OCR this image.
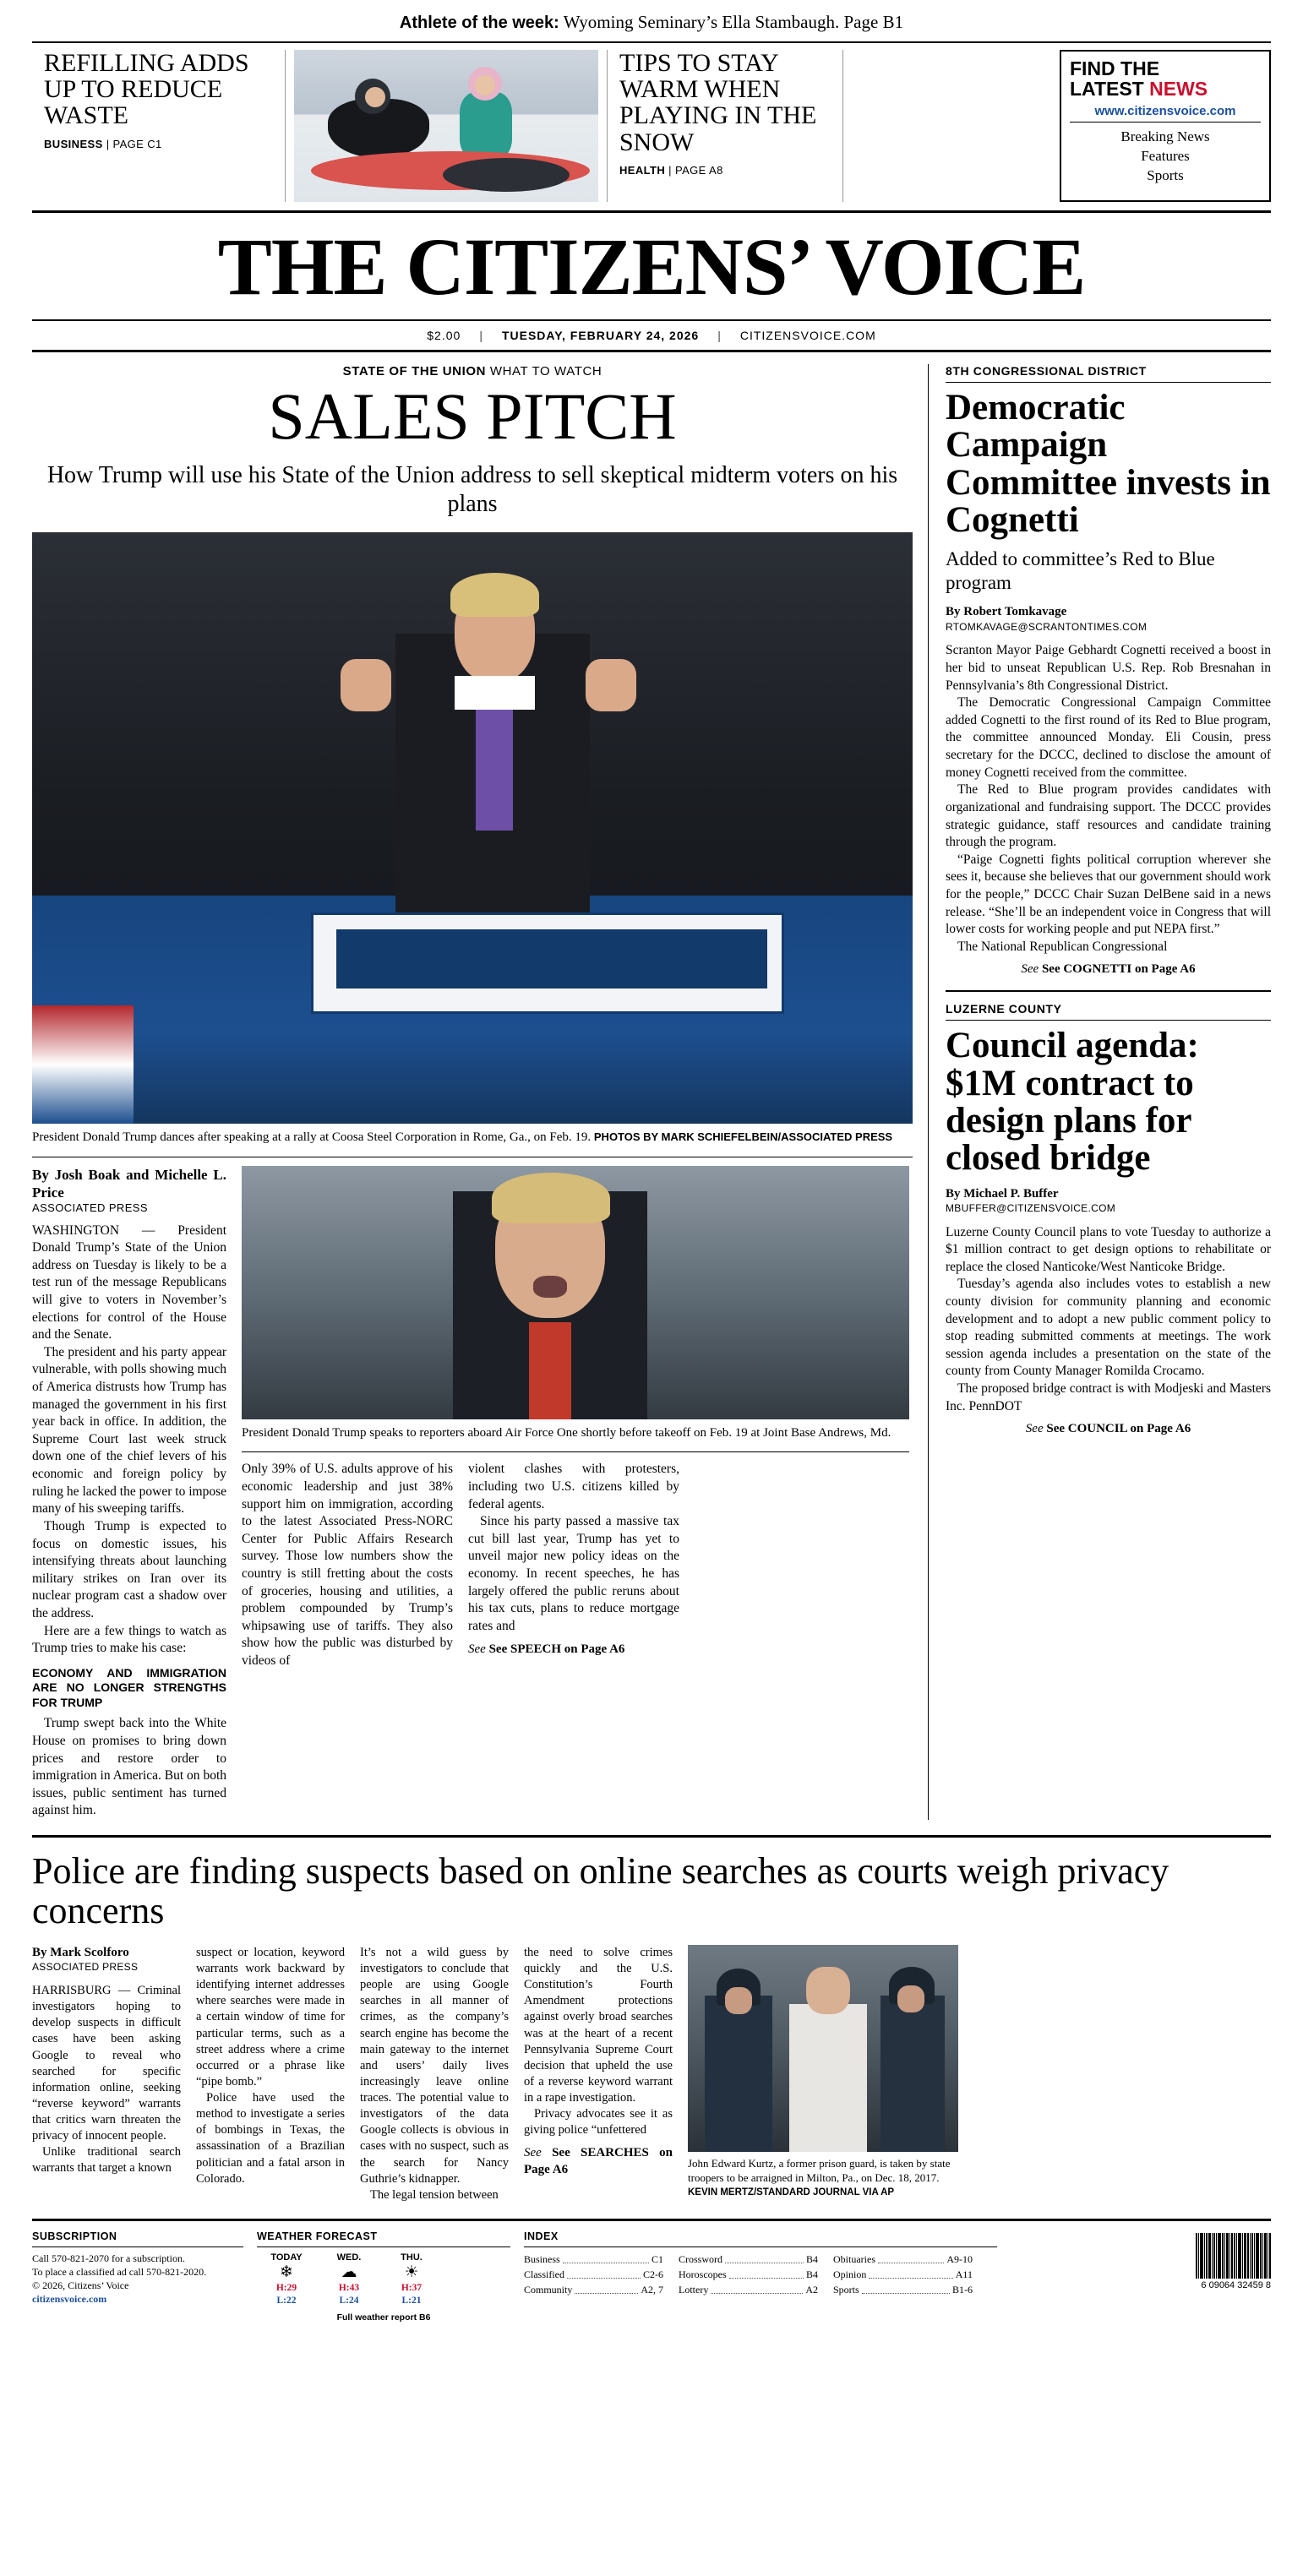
Athlete of the week: Wyoming Seminary’s Ella Stambaugh. Page B1
REFILLING ADDS UP TO REDUCE WASTE
BUSINESS | PAGE C1
TIPS TO STAY WARM WHEN PLAYING IN THE SNOW
HEALTH | PAGE A8
FIND THE
LATEST NEWS
www.citizensvoice.com
Breaking News
Features
Sports
THE CITIZENS’ VOICE
$2.00 | TUESDAY, FEBRUARY 24, 2026 | CITIZENSVOICE.COM
STATE OF THE UNION WHAT TO WATCH
SALES PITCH
How Trump will use his State of the Union address to sell skeptical midterm voters on his plans
President Donald Trump dances after speaking at a rally at Coosa Steel Corporation in Rome, Ga., on Feb. 19. PHOTOS BY MARK SCHIEFELBEIN/ASSOCIATED PRESS
By Josh Boak and Michelle L. Price
ASSOCIATED PRESS

WASHINGTON — President Donald Trump’s State of the Union address on Tuesday is likely to be a test run of the message Republicans will give to voters in November’s elections for control of the House and the Senate.

The president and his party appear vulnerable, with polls showing much of America distrusts how Trump has managed the government in his first year back in office. In addition, the Supreme Court last week struck down one of the chief levers of his economic and foreign policy by ruling he lacked the power to impose many of his sweeping tariffs.

Though Trump is expected to focus on domestic issues, his intensifying threats about launching military strikes on Iran over its nuclear program cast a shadow over the address.

Here are a few things to watch as Trump tries to make his case:

ECONOMY AND IMMIGRATION ARE NO LONGER STRENGTHS FOR TRUMP

Trump swept back into the White House on promises to bring down prices and restore order to immigration in America. But on both issues, public sentiment has turned against him.

President Donald Trump speaks to reporters aboard Air Force One shortly before takeoff on Feb. 19 at Joint Base Andrews, Md.

Only 39% of U.S. adults approve of his economic leadership and just 38% support him on immigration, according to the latest Associated Press-NORC Center for Public Affairs Research survey. Those low numbers show the country is still fretting about the costs of groceries, housing and utilities, a problem compounded by Trump’s whipsawing use of tariffs. They also show how the public was disturbed by videos of

violent clashes with protesters, including two U.S. citizens killed by federal agents.

Since his party passed a massive tax cut bill last year, Trump has yet to unveil major new policy ideas on the economy. In recent speeches, he has largely offered the public reruns about his tax cuts, plans to reduce mortgage rates and

See See SPEECH on Page A6
8TH CONGRESSIONAL DISTRICT
Democratic Campaign Committee invests in Cognetti
Added to committee’s Red to Blue program
By Robert Tomkavage
RTOMKAVAGE@SCRANTONTIMES.COM

Scranton Mayor Paige Gebhardt Cognetti received a boost in her bid to unseat Republican U.S. Rep. Rob Bresnahan in Pennsylvania’s 8th Congressional District.

The Democratic Congressional Campaign Committee added Cognetti to the first round of its Red to Blue program, the committee announced Monday. Eli Cousin, press secretary for the DCCC, declined to disclose the amount of money Cognetti received from the committee.

The Red to Blue program provides candidates with organizational and fundraising support. The DCCC provides strategic guidance, staff resources and candidate training through the program.

“Paige Cognetti fights political corruption wherever she sees it, because she believes that our government should work for the people,” DCCC Chair Suzan DelBene said in a news release. “She’ll be an independent voice in Congress that will lower costs for working people and put NEPA first.”

The National Republican Congressional

See See COGNETTI on Page A6
LUZERNE COUNTY
Council agenda: $1M contract to design plans for closed bridge
By Michael P. Buffer
MBUFFER@CITIZENSVOICE.COM

Luzerne County Council plans to vote Tuesday to authorize a $1 million contract to get design options to rehabilitate or replace the closed Nanticoke/West Nanticoke Bridge.

Tuesday’s agenda also includes votes to establish a new county division for community planning and economic development and to adopt a new public comment policy to stop reading submitted comments at meetings. The work session agenda includes a presentation on the state of the county from County Manager Romilda Crocamo.

The proposed bridge contract is with Modjeski and Masters Inc. PennDOT

See See COUNCIL on Page A6
Police are finding suspects based on online searches as courts weigh privacy concerns
By Mark Scolforo
ASSOCIATED PRESS

HARRISBURG — Criminal investigators hoping to develop suspects in difficult cases have been asking Google to reveal who searched for specific information online, seeking “reverse keyword” warrants that critics warn threaten the privacy of innocent people.

Unlike traditional search warrants that target a known

suspect or location, keyword warrants work backward by identifying internet addresses where searches were made in a certain window of time for particular terms, such as a street address where a crime occurred or a phrase like “pipe bomb.”

Police have used the method to investigate a series of bombings in Texas, the assassination of a Brazilian politician and a fatal arson in Colorado.

It’s not a wild guess by investigators to conclude that people are using Google searches in all manner of crimes, as the company’s search engine has become the main gateway to the internet and users’ daily lives increasingly leave online traces. The potential value to investigators of the data Google collects is obvious in cases with no suspect, such as the search for Nancy Guthrie’s kidnapper.

The legal tension between

the need to solve crimes quickly and the U.S. Constitution’s Fourth Amendment protections against overly broad searches was at the heart of a recent Pennsylvania Supreme Court decision that upheld the use of a reverse keyword warrant in a rape investigation.

Privacy advocates see it as giving police “unfettered

See See SEARCHES on Page A6	John Edward Kurtz, a former prison guard, is taken by state troopers to be arraigned in Milton, Pa., on Dec. 18, 2017. KEVIN MERTZ/STANDARD JOURNAL VIA AP
SUBSCRIPTION
Call 570-821-2070 for a subscription.
To place a classified ad call 570-821-2020.
© 2026, Citizens’ Voice
citizensvoice.com
WEATHER FORECAST
TODAY
❄
H:29
L:22
WED.
☁
H:43
L:24
THU.
☀
H:37
L:21
Full weather report B6
INDEX
Business	C1
Classified	C2-6
Community	A2, 7
Crossword	B4
Horoscopes	B4
Lottery	A2
Obituaries	A9-10
Opinion	A11
Sports	B1-6	6 09064 32459 8
